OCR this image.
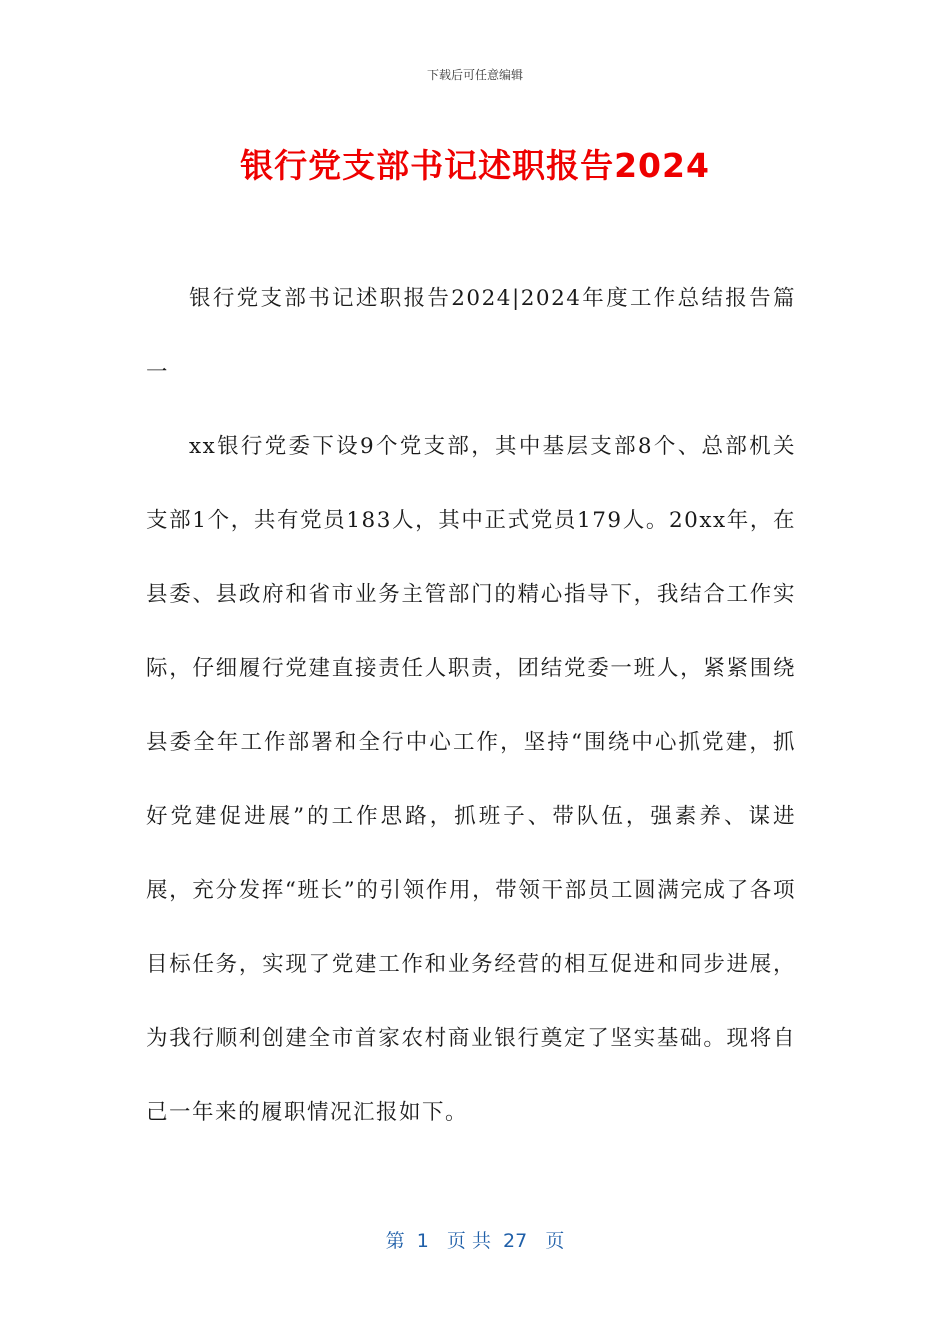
下载后可任意编辑
银行党支部书记述职报告2024

银行党支部书记述职报告2024|2024年度工作总结报告篇一

xx银行党委下设9个党支部，其中基层支部8个、总部机关支部1个，共有党员183人，其中正式党员179人。20xx年，在县委、县政府和省市业务主管部门的精心指导下，我结合工作实际，仔细履行党建直接责任人职责，团结党委一班人，紧紧围绕县委全年工作部署和全行中心工作，坚持“围绕中心抓党建，抓好党建促进展”的工作思路，抓班子、带队伍，强素养、谋进展，充分发挥“班长”的引领作用，带领干部员工圆满完成了各项目标任务，实现了党建工作和业务经营的相互促进和同步进展，为我行顺利创建全市首家农村商业银行奠定了坚实基础。现将自己一年来的履职情况汇报如下。

第  1   页 共  27   页
